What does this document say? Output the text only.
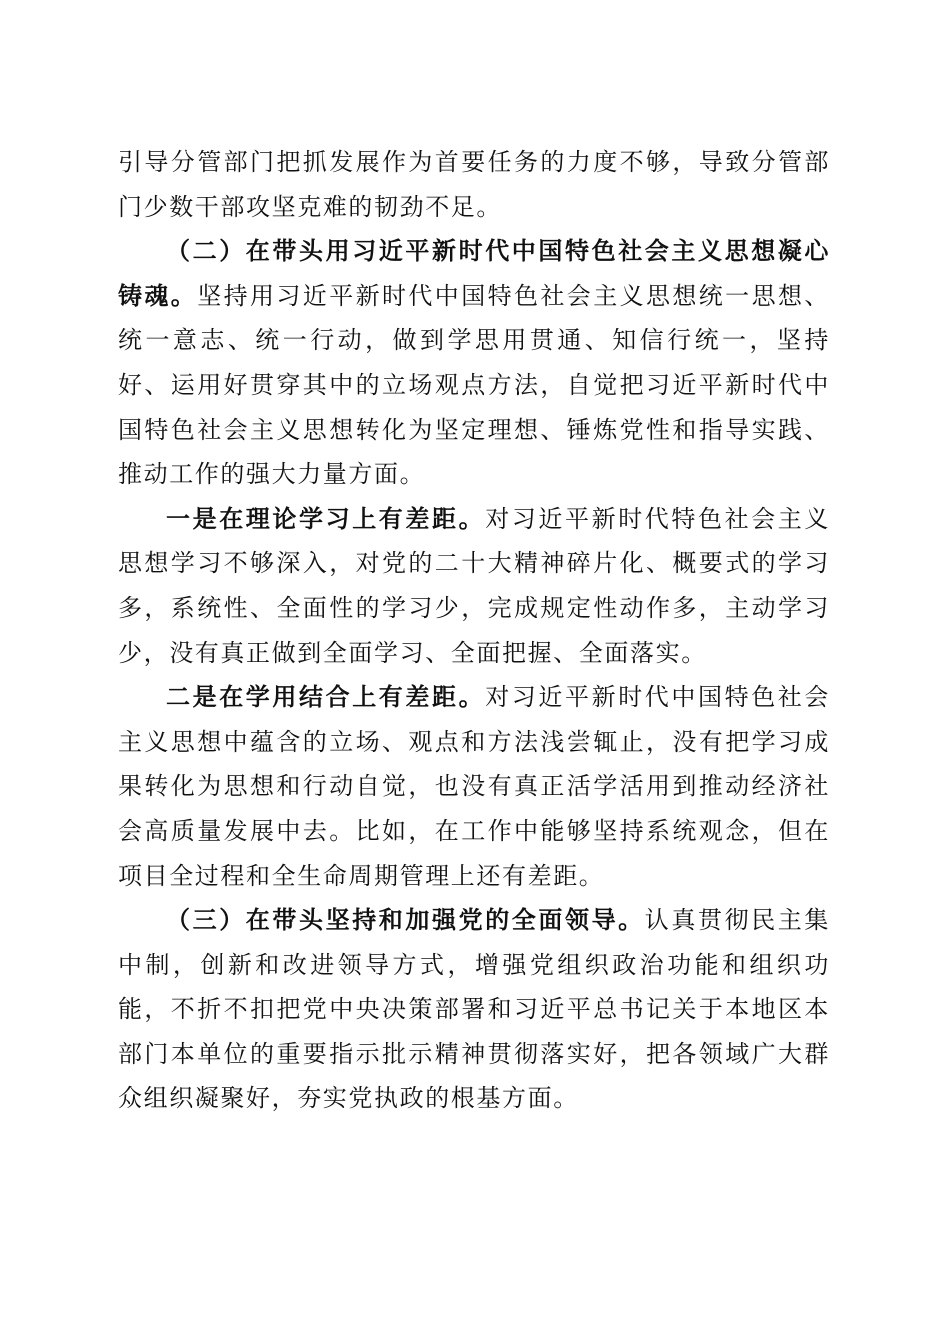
引导分管部门把抓发展作为首要任务的力度不够，导致分管部门少数干部攻坚克难的韧劲不足。

（二）在带头用习近平新时代中国特色社会主义思想凝心铸魂。坚持用习近平新时代中国特色社会主义思想统一思想、统一意志、统一行动，做到学思用贯通、知信行统一，坚持好、运用好贯穿其中的立场观点方法，自觉把习近平新时代中国特色社会主义思想转化为坚定理想、锤炼党性和指导实践、推动工作的强大力量方面。

一是在理论学习上有差距。对习近平新时代特色社会主义思想学习不够深入，对党的二十大精神碎片化、概要式的学习多，系统性、全面性的学习少，完成规定性动作多，主动学习少，没有真正做到全面学习、全面把握、全面落实。

二是在学用结合上有差距。对习近平新时代中国特色社会主义思想中蕴含的立场、观点和方法浅尝辄止，没有把学习成果转化为思想和行动自觉，也没有真正活学活用到推动经济社会高质量发展中去。比如，在工作中能够坚持系统观念，但在项目全过程和全生命周期管理上还有差距。

（三）在带头坚持和加强党的全面领导。认真贯彻民主集中制，创新和改进领导方式，增强党组织政治功能和组织功能，不折不扣把党中央决策部署和习近平总书记关于本地区本部门本单位的重要指示批示精神贯彻落实好，把各领域广大群众组织凝聚好，夯实党执政的根基方面。
